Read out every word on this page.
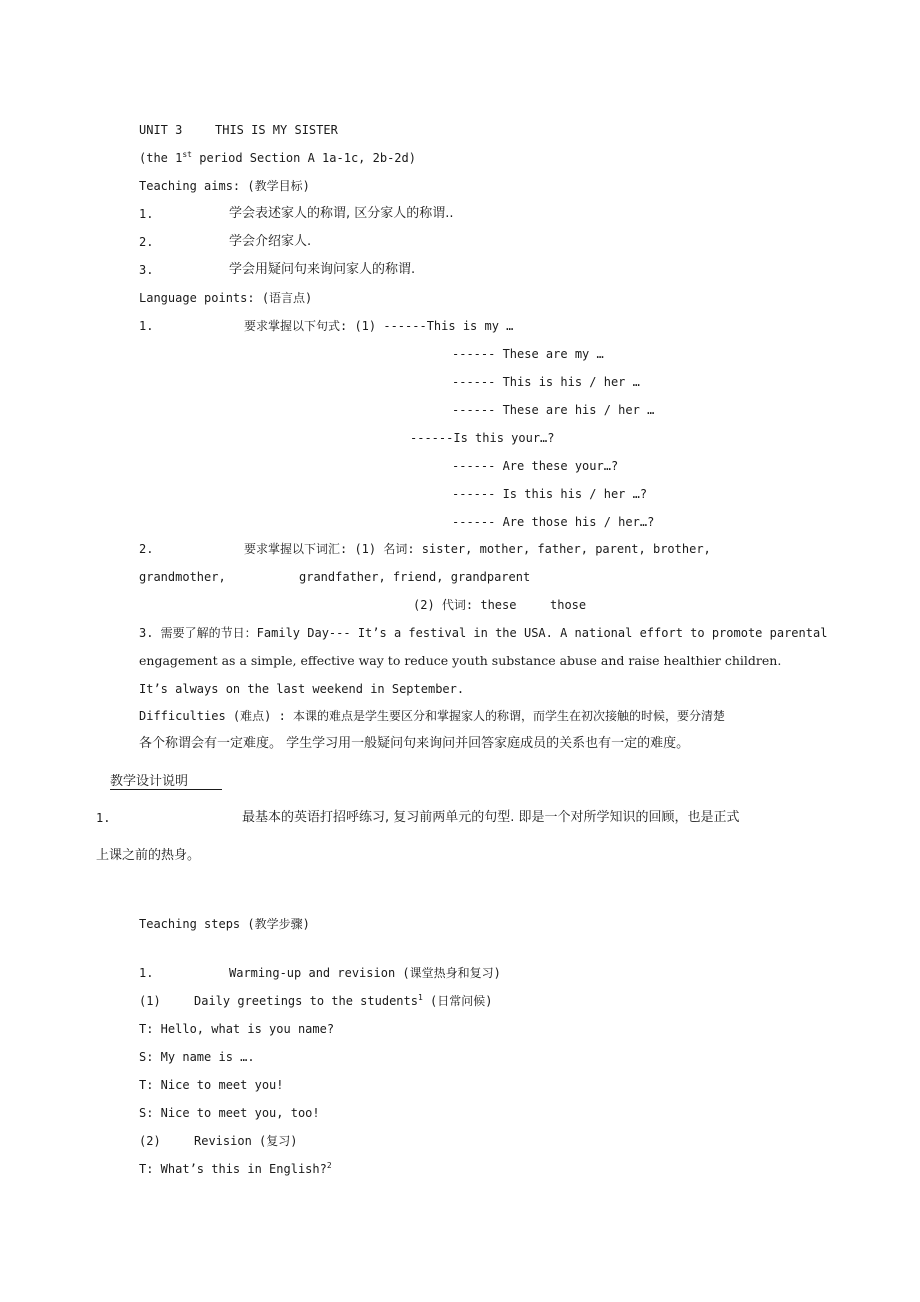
UNIT 3	THIS IS MY SISTER
(the 1st period Section A 1a-1c, 2b-2d)
Teaching aims: (教学目标)
1.	学会表述家人的称谓, 区分家人的称谓..
2.	学会介绍家人.
3.	学会用疑问句来询问家人的称谓.
Language points: (语言点)
1.	要求掌握以下句式: (1) ------This is my …
------ These are my …
------ This is his / her …
------ These are his / her …
------Is this your…?
------ Are these your…?
------ Is this his / her …?
------ Are those his / her…?
2.	要求掌握以下词汇: (1) 名词: sister, mother, father, parent, brother,
grandmother,	grandfather, friend, grandparent
(2) 代词: these	those
3. 需要了解的节日：Family Day--- It’s a festival in the USA. A national effort to promote parental
engagement as a simple, effective way to reduce youth substance abuse and raise healthier children.
It’s always on the last weekend in September.
Difficulties (难点) : 本课的难点是学生要区分和掌握家人的称谓，而学生在初次接触的时候，要分清楚
各个称谓会有一定难度。 学生学习用一般疑问句来询问并回答家庭成员的关系也有一定的难度。
教学设计说明
1.	最基本的英语打招呼练习, 复习前两单元的句型. 即是一个对所学知识的回顾，也是正式
上课之前的热身。
Teaching steps (教学步骤)
1.	Warming-up and revision (课堂热身和复习)
(1)	Daily greetings to the students$^1$ (日常问候)
T: Hello, what is you name?
S: My name is ….
T: Nice to meet you!
S: Nice to meet you, too!
(2)	Revision (复习)
T: What’s this in English?$^2$
